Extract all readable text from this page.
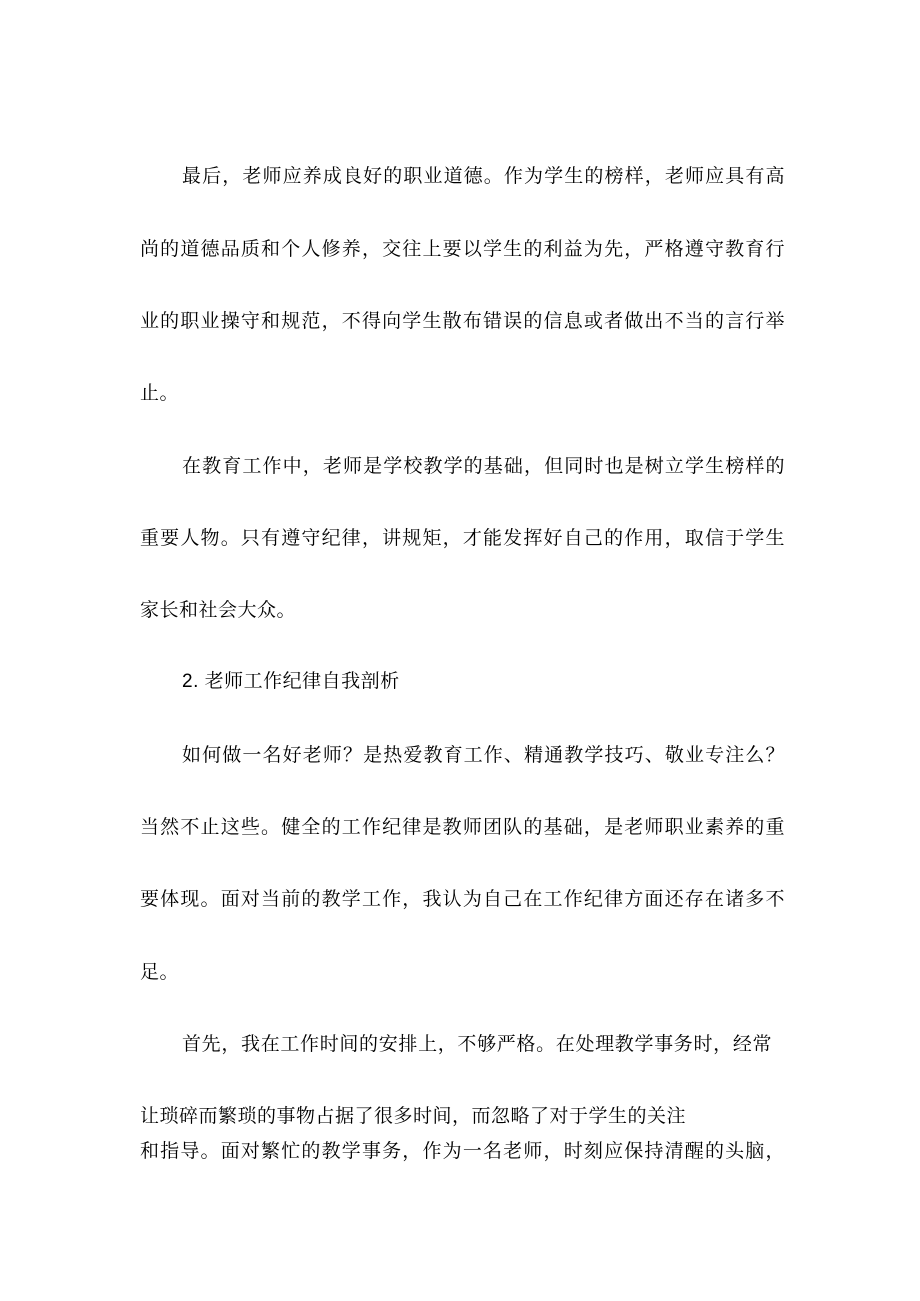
最后，老师应养成良好的职业道德。作为学生的榜样，老师应具有高
尚的道德品质和个人修养，交往上要以学生的利益为先，严格遵守教育行
业的职业操守和规范，不得向学生散布错误的信息或者做出不当的言行举
止。
在教育工作中，老师是学校教学的基础，但同时也是树立学生榜样的
重要人物。只有遵守纪律，讲规矩，才能发挥好自己的作用，取信于学生
家长和社会大众。
2. 老师工作纪律自我剖析
如何做一名好老师？是热爱教育工作、精通教学技巧、敬业专注么？
当然不止这些。健全的工作纪律是教师团队的基础，是老师职业素养的重
要体现。面对当前的教学工作，我认为自己在工作纪律方面还存在诸多不
足。
首先，我在工作时间的安排上，不够严格。在处理教学事务时，经常
让琐碎而繁琐的事物占据了很多时间，而忽略了对于学生的关注
和指导。面对繁忙的教学事务，作为一名老师，时刻应保持清醒的头脑，
